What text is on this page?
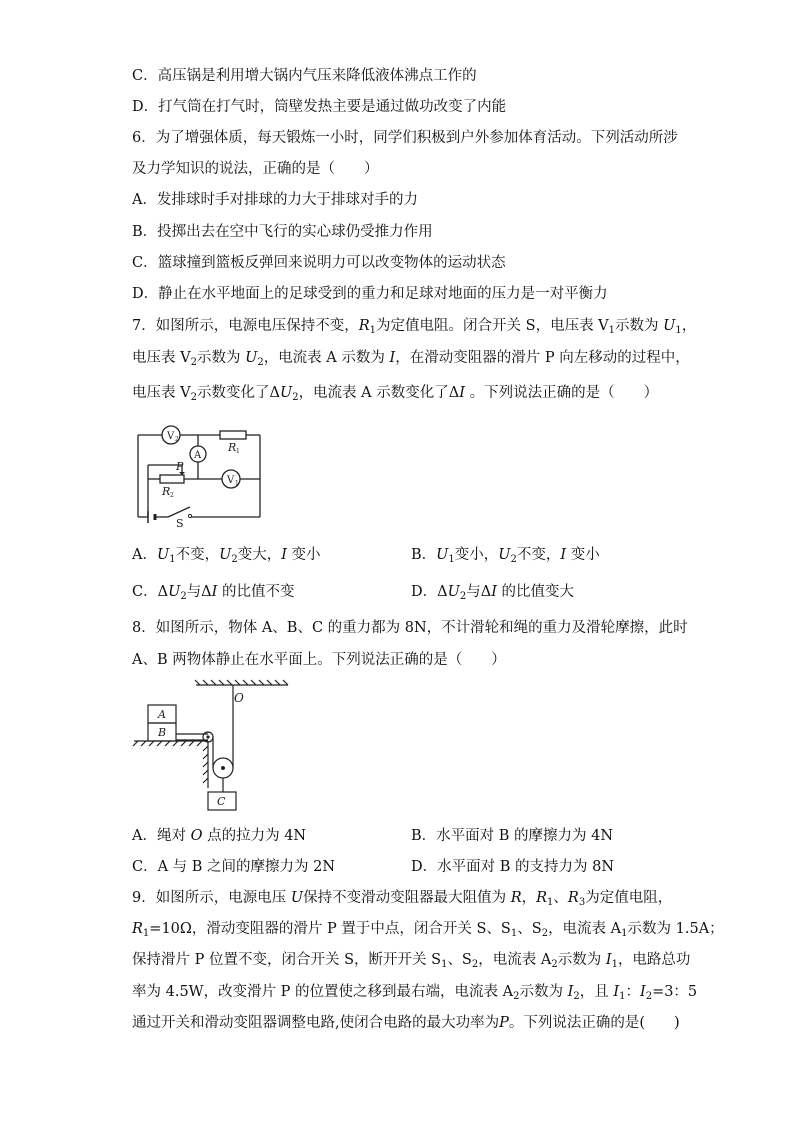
C．高压锅是利用增大锅内气压来降低液体沸点工作的
D．打气筒在打气时，筒壁发热主要是通过做功改变了内能
6．为了增强体质，每天锻炼一小时，同学们积极到户外参加体育活动。下列活动所涉
及力学知识的说法，正确的是（　　）
A．发排球时手对排球的力大于排球对手的力
B．投掷出去在空中飞行的实心球仍受推力作用
C．篮球撞到篮板反弹回来说明力可以改变物体的运动状态
D．静止在水平地面上的足球受到的重力和足球对地面的压力是一对平衡力
7．如图所示，电源电压保持不变，$R_1$为定值电阻。闭合开关 S，电压表 $V_1$示数为 $U_1$，
电压表 $V_2$示数为 $U_2$，电流表 A 示数为 I，在滑动变阻器的滑片 P 向左移动的过程中，
电压表 $V_2$示数变化了$\Delta U_2$，电流表 A 示数变化了ΔI 。下列说法正确的是（　　）
V 2
A
V 1
R 1
P
R 2
S
A．$U_1$不变，$U_2$变大，I 变小	B．$U_1$变小，$U_2$不变，I 变小
C．$\Delta U_2$与ΔI 的比值不变	D．$\Delta U_2$与ΔI 的比值变大
8．如图所示，物体 A、B、C 的重力都为 8N，不计滑轮和绳的重力及滑轮摩擦，此时
A、B 两物体静止在水平面上。下列说法正确的是（　　）
O
A
B
C
A．绳对 O 点的拉力为 4N	B．水平面对 B 的摩擦力为 4N
C．A 与 B 之间的摩擦力为 2N	D．水平面对 B 的支持力为 8N
9．如图所示，电源电压 U保持不变滑动变阻器最大阻值为 R，$R_1$、$R_3$为定值电阻，
$R_1=10\Omega$，滑动变阻器的滑片 P 置于中点，闭合开关 S、$S_1$、$S_2$，电流表 $A_1$示数为 1.5A；
保持滑片 P 位置不变，闭合开关 S，断开开关 $S_1$、$S_2$，电流表 $A_2$示数为 $I_1$，电路总功
率为 4.5W，改变滑片 P 的位置使之移到最右端，电流表 $A_2$示数为 $I_2$，且 $I_1$：$I_2=3$：5
通过开关和滑动变阻器调整电路,使闭合电路的最大功率为P。下列说法正确的是(　　)
